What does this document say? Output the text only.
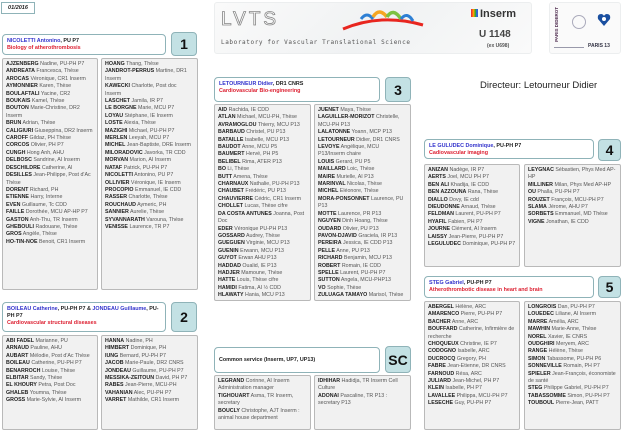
01/2016
LVTS
Laboratory for Vascular Translational Science
Inserm
U 1148
(ex U698)
PARIS DIDEROT
PARIS 13
Directeur: Letourneur Didier
NICOLETTI Antonino, PU P7
Biology of atherothrombosis	1
AJZENBERG Nadine, PU-PH P7
ANDREATA Francesca, Thèse
AROCAS Véronique, CR1 Inserm
AYMONNIER Karen, Thèse
BOULAFTALI Yacine, CR2
BOUKAIS Kamel, Thèse
BOUTON Marie-Christine, DR2 Inserm
BRUN Adrian, Thèse
CALIGIURI Giuseppina, DR2 Inserm
CAROFF Gildaz, PH Thèse
CORCOS Olivier, PH P7
CUNGH Hong Anh, AHU
DELBOSC Sandrine, AI Inserm
DESCHILDRE Catherine, AI
DESILLES Jean-Philippe, Post d'Ac Thèse
DORENT Richard, PH
ETIENNE Harry, Interne
EVEN Guillaume, Tc CDD
FAILLE Dorothée, MCU AP-HP P7
GASTON Anh-Thu, TR Inserm
GHEBOULI Radouane, Thèse
GROS Angèle, Thèse
HO-TIN-NOE Benoit, CR1 Inserm
HOANG Thang, Thèse
JANDROT-PERRUS Martine, DR1 Inserm
KAWECKI Charlotte, Post doc Inserm
LASCHET Jamila, IR P7
LE BORGNE Marie, MCU P7
LOYAU Stéphane, IE Inserm
LOSTE Alexia, Thèse
MAZIGHI Michael, PU-PH P7
MERLEN Leeyah, MCU P7
MICHEL Jean-Baptiste, DRE Inserm
MILORADOVIC Javorka, TR CDD
MORVAN Marion, AI Inserm
NATAF Patrick, PU-PH P7
NICOLETTI Antonino, PU P7
OLLIVIER Véronique, IE Inserm
PROCOPIO Emmanuel, IE CDD
RASSER Charlotte, Thèse
ROUCHAUD Aymeric, PH
SANNIER Aurelie, Thèse
SYVANNARATH Varouna, Thèse
VENISSE Laurence, TR P7
BOILEAU Catherine, PU-PH P7 & JONDEAU Guillaume, PU-PH P7
Cardiovascular structural diseases	2
ABI FADEL Marianne, PU
ARNAUD Pauline, AHU
AUBART Mélodie, Post d'Ac Thèse
BOILEAU Catherine, PU-PH P7
BENARROCH Louise, Thèse
ELBITAR Sandy, Thèse
EL KHOURY Petra, Post Doc
GHALEB Youmna, Thèse
GROSS Marie-Sylvie, AI Inserm
HANNA Nadine, PH
HIMBERT Dominique, PH
IUNG Bernard, PU-PH P7
JACOB Marie-Paule, DR2 CNRS
JONDEAU Guillaume, PU-PH P7
MESSIKA-ZEITOUN David, PH P7
RABES Jean-Pierre, MCU-PH
VAHANIAN Alec, PU-PH P7
VARRET Mathilde, CR1 Inserm
LETOURNEUR Didier, DR1 CNRS
Cardiovascular Bio-engineering	3
AID Rachida, IE CDD
ATLAN Michael, MCU-PH, Thèse
AVRAMOGLOU Thierry, MCU P13
BARBAUD Christel, PU P13
BATAILLE Isabelle, MCU P13
BAUDOT Anne, MCU P5
BAUMERT Hervé, PH P5
BELIBEL Rima, ATER P13
BO Li, Thèse
BUTT Amena, Thèse
CHARNAUX Nathalie, PU-PH P13
CHAUBET Frédéric, PU P13
CHAUVIERRE Cédric, CR1 Inserm
CHOLLET Lucas, Thèse cifre
DA COSTA ANTUNES Joanna, Post Doc
EDER Véronique PU-PH P13
GOSSARD Audrey, Thèse
GUEGUEN Virginie, MCU P13
GUENIN Erwann, MCU P13
GUYOT Erwan AHU P13
HADDAD Oualid, IE P13
HADJER Mamoune, Thèse
HATTE Louis, Thèse cifre
HAMIDI Fatima, AI ½ CDD
HLAWATY Hania, MCU P13
JUENET Maya, Thèse
LAGUILLER-MORIZOT Christelle, MCU-PH P13
LALATONNE Yoann, MCP P13
LETOURNEUR Didier, DR1 CNRS
LEVOYE Angélique, MCU P13/Inserm chaire
LOUIS Gerard, PU P5
MAILLARD Loic, Thèse
MAIRE Murielle, AI P13
MARINVAL Nicolas, Thèse
MICHEL Eléonore, Thèse
MORA-PONSONNET Laurence, PU P13
MOTTE Laurence, PR P13
NGUYEN Dinh Hoang, Thèse
OUDARD Olivier, PU P13
PAVON-DJAVID Graciela, IR P13
PEREIRA Jessica, IE CDD P13
PELLE Anne, PU P13
RICHARD Benjamin, MCU P13
ROBERT Romain, IE CDD
SPELLE Laurent, PU-PH P7
SUTTON Angela, MCU-PHP13
VO Sophie, Thèse
ZULUAGA TAMAYO Marisol, Thèse
Common service (Inserm, UP7, UP13)	SC
LEGRAND Corinne, AI Inserm Administration manager
TIGHOUART Asma, TR Inserm, secretary
BOUCLY Christophe, AJT Inserm : animal house department
IDHIHAR Hadidja, TR Inserm Cell Culture
ADONAI Pascaline, TR P13 : secretary P13
LE GULUDEC Dominique, PU-PH P7
Cadiovascular imaging	4
ANIZAN Nadège, IR P7
AERTS Joel, MCU PH P7
BEN ALI Khadija, IE CDD
BEN AZZOUNA Rana, Thèse
DIALLO Dovy, IE cdd
DIEUDONNE Arnaud, Thèse
FELDMAN Laurent, PU-PH P7
HYAFIL Fabien, PH P7
JOURNE Clément, AI Inserm
LAISSY Jean-Pierre, PU-PH P7
LEGULUDEC Dominique, PU-PH P7
LEYGNAC Sébastien, Phys Med AP-HP
MILLINER Milan, Phys Med AP-HP
OU Phalla, PU-PH P7
ROUZET François, MCU-PH P7
SLAMA Jérome, AHU P7
SORBETS Emmanuel, MD Thèse
VIGNE Jonathan, IE CDD
STEG Gabriel, PU-PH P7
Atherothrombotic disease in heart and brain	5
ABERGEL Hélène, ARC
AMARENCO Pierre, PU-PH P7
BACHER Anne, ARC
BOUFFARD Catherine, Infirmière de recherche
CHOQUEUX Christine, IE P7
CODOGNO Isabelle, ARC
DUCROCQ Gregory, PH
FABRE Jean-Etienne, DR CNRS
FARNOUD Résa, ARC
JULIARD Jean-Michel, PH P7
KLEIN Isabelle, PH P7
LAVALLEE Philippa, MCU-PH P7
LESECHE Guy, PU-PH P7
LONGROIS Dan, PU-PH P7
LOUEDEC Liliane, AI Inserm
MARRE Amélia, ARC
MAWHIN Marie-Anne, Thèse
NOREL Xavier, IE CNRS
OUDGHIRI Meryem, ARC
RANGE Hélène, Thèse
SIMON Tabassome, PU-PH P6
SONNEVILLE Romain, PH P7
SPIELER Jean-François, économiste de santé
STEG Philippe Gabriel, PU-PH P7
TABASSOMME Simon, PU-PH P7
TOUBOUL Pierre-Jean, PATT
